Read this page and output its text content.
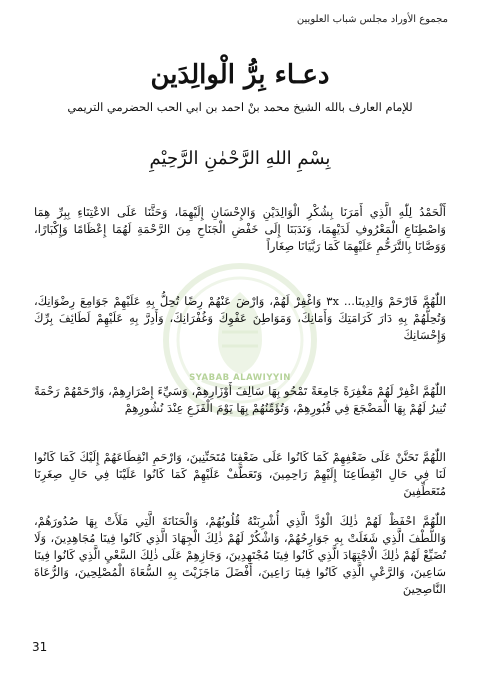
مجموع الأوراد مجلس شباب العلويين
دعـاء بِرُّ الْوالِدَين
للإمام العارف بالله الشيخ محمد بنْ احمد بن ابي الحب الحضرمي التريمي
بِسْمِ اللهِ الرَّحْمٰنِ الرَّحِيْمِ
SYABAB ALAWIYYIN
أَلْحَمْدُ لِلّٰهِ الَّذِي أَمَرَنَا بِشُكْرِ الْوَالِدَيْنِ وَالإِحْسَانِ إِلَيْهِمَا، وَحَثَّنَا عَلَى الاعْتِنَاءِ بِبِرِّ هِمَا وَاصْطِنَاعِ الْمَعْرُوفِ لَدَيْهِمَا، وَنَدَبَنَا إِلَى خَفْضِ الْجَنَاحِ مِنَ الرَّحْمَةِ لَهُمَا إِعْظَامًا وَإِكْبَارًا، وَوَصَّانَا بِالتَّرَحُّمِ عَلَيْهِمَا كَمَا رَبَّيَانَا صِغَاراً
اللّٰهُمَّ فَارْحَمْ وَالِدِينَا... ٣x وَاغْفِرْ لَهُمْ، وَارْضَ عَنْهُمْ رِضًا تُحِلُّ بِهِ عَلَيْهِمْ جَوَامِعَ رِضْوَانِكَ، وَتُحِلُّهُمْ بِهِ دَارَ كَرَامَتِكَ وَأَمَانِكَ، وَمَوَاطِنَ عَفْوِكَ وَغُفْرَانِكَ، وَأَدِرَّ بِهِ عَلَيْهِمْ لَطَائِفَ بِرِّكَ وَإِحْسَانِكَ
اللّٰهُمَّ اغْفِرْ لَهُمْ مَغْفِرَةً جَامِعَةً تَمْحُو بِهَا سَالِفَ أَوْزَارِهِمْ، وَسَيِّءَ إِصْرَارِهِمْ، وَارْحَمْهُمْ رَحْمَةً تُنِيرُ لَهُمْ بِهَا الْمَضْجَعَ فِي قُبُورِهِمْ، وَتُؤَمِّنُهُمْ بِهَا يَوْمَ الْفَزَعِ عِنْدَ نُشُورِهِمْ
اللّٰهُمَّ تَحَنَّنْ عَلَى ضَعْفِهِمْ كَمَا كَانُوا عَلَى ضَعْفِنَا مُتَحَنِّنِينَ، وَارْحَمِ انْقِطَاعَهُمْ إِلَيْكَ كَمَا كَانُوا لَنَا فِي حَالِ انْقِطَاعِنَا إِلَيْهِمْ رَاحِمِينَ، وَتَعَطَّفْ عَلَيْهِمْ كَمَا كَانُوا عَلَيْنَا فِي حَالِ صِغَرِنَا مُتَعَطِّفِينَ
اللّٰهُمَّ احْفَظْ لَهُمْ ذٰلِكَ الْوُدَّ الَّذِي أُشْرِبَتْهُ قُلُوبُهُمْ، وَالْحَنَانَةَ الَّتِي مَلَأَتْ بِهَا صُدُورَهُمْ، وَاللُّطْفَ الَّذِي شَغَلَتْ بِهِ جَوَارِحُهُمْ، وَاشْكُرْ لَهُمْ ذٰلِكَ الْجِهَادَ الَّذِي كَانُوا فِينَا مُجَاهِدِينَ، وَلَا تُضَيِّعْ لَهُمْ ذٰلِكَ الْاجْتِهَادَ الَّذِي كَانُوا فِينَا مُجْتَهِدِينَ، وَجَازِهِمْ عَلَى ذٰلِكَ السَّعْيِ الَّذِي كَانُوا فِينَا سَاعِينَ، وَالرَّعْيِ الَّذِي كَانُوا فِينَا رَاعِينَ، أَفْضَلَ مَاجَزَيْتَ بِهِ السُّعَاةَ الْمُصْلِحِينَ، وَالرُّعَاةَ النَّاصِحِينَ
31
